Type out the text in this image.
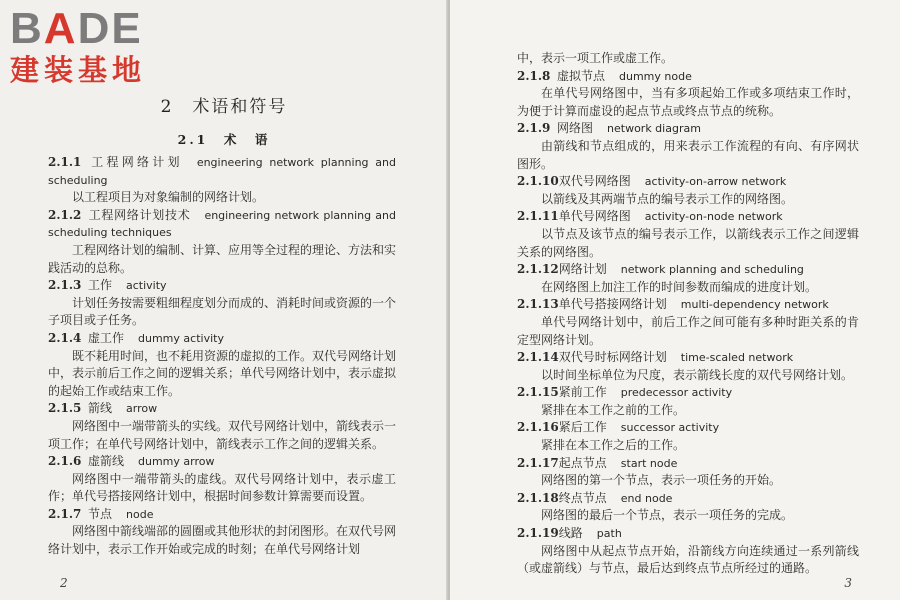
BADE
建装基地
2　术语和符号
2.1　术　语

2.1.1 工程网络计划 engineering network planning and scheduling

以工程项目为对象编制的网络计划。

2.1.2 工程网络计划技术 engineering network planning and scheduling techniques

工程网络计划的编制、计算、应用等全过程的理论、方法和实践活动的总称。

2.1.3 工作 activity

计划任务按需要粗细程度划分而成的、消耗时间或资源的一个子项目或子任务。

2.1.4 虚工作 dummy activity

既不耗用时间，也不耗用资源的虚拟的工作。双代号网络计划中，表示前后工作之间的逻辑关系；单代号网络计划中，表示虚拟的起始工作或结束工作。

2.1.5 箭线 arrow

网络图中一端带箭头的实线。双代号网络计划中，箭线表示一项工作；在单代号网络计划中，箭线表示工作之间的逻辑关系。

2.1.6 虚箭线 dummy arrow

网络图中一端带箭头的虚线。双代号网络计划中，表示虚工作；单代号搭接网络计划中，根据时间参数计算需要而设置。

2.1.7 节点 node

网络图中箭线端部的圆圈或其他形状的封闭图形。在双代号网络计划中，表示工作开始或完成的时刻；在单代号网络计划

2

中，表示一项工作或虚工作。

2.1.8 虚拟节点 dummy node

在单代号网络图中，当有多项起始工作或多项结束工作时，为便于计算而虚设的起点节点或终点节点的统称。

2.1.9 网络图 network diagram

由箭线和节点组成的，用来表示工作流程的有向、有序网状图形。

2.1.10双代号网络图 activity-on-arrow network

以箭线及其两端节点的编号表示工作的网络图。

2.1.11单代号网络图 activity-on-node network

以节点及该节点的编号表示工作，以箭线表示工作之间逻辑关系的网络图。

2.1.12网络计划 network planning and scheduling

在网络图上加注工作的时间参数而编成的进度计划。

2.1.13单代号搭接网络计划 multi-dependency network

单代号网络计划中，前后工作之间可能有多种时距关系的肯定型网络计划。

2.1.14双代号时标网络计划 time-scaled network

以时间坐标单位为尺度，表示箭线长度的双代号网络计划。

2.1.15紧前工作 predecessor activity

紧排在本工作之前的工作。

2.1.16紧后工作 successor activity

紧排在本工作之后的工作。

2.1.17起点节点 start node

网络图的第一个节点，表示一项任务的开始。

2.1.18终点节点 end node

网络图的最后一个节点，表示一项任务的完成。

2.1.19线路 path

网络图中从起点节点开始，沿箭线方向连续通过一系列箭线（或虚箭线）与节点，最后达到终点节点所经过的通路。

3
